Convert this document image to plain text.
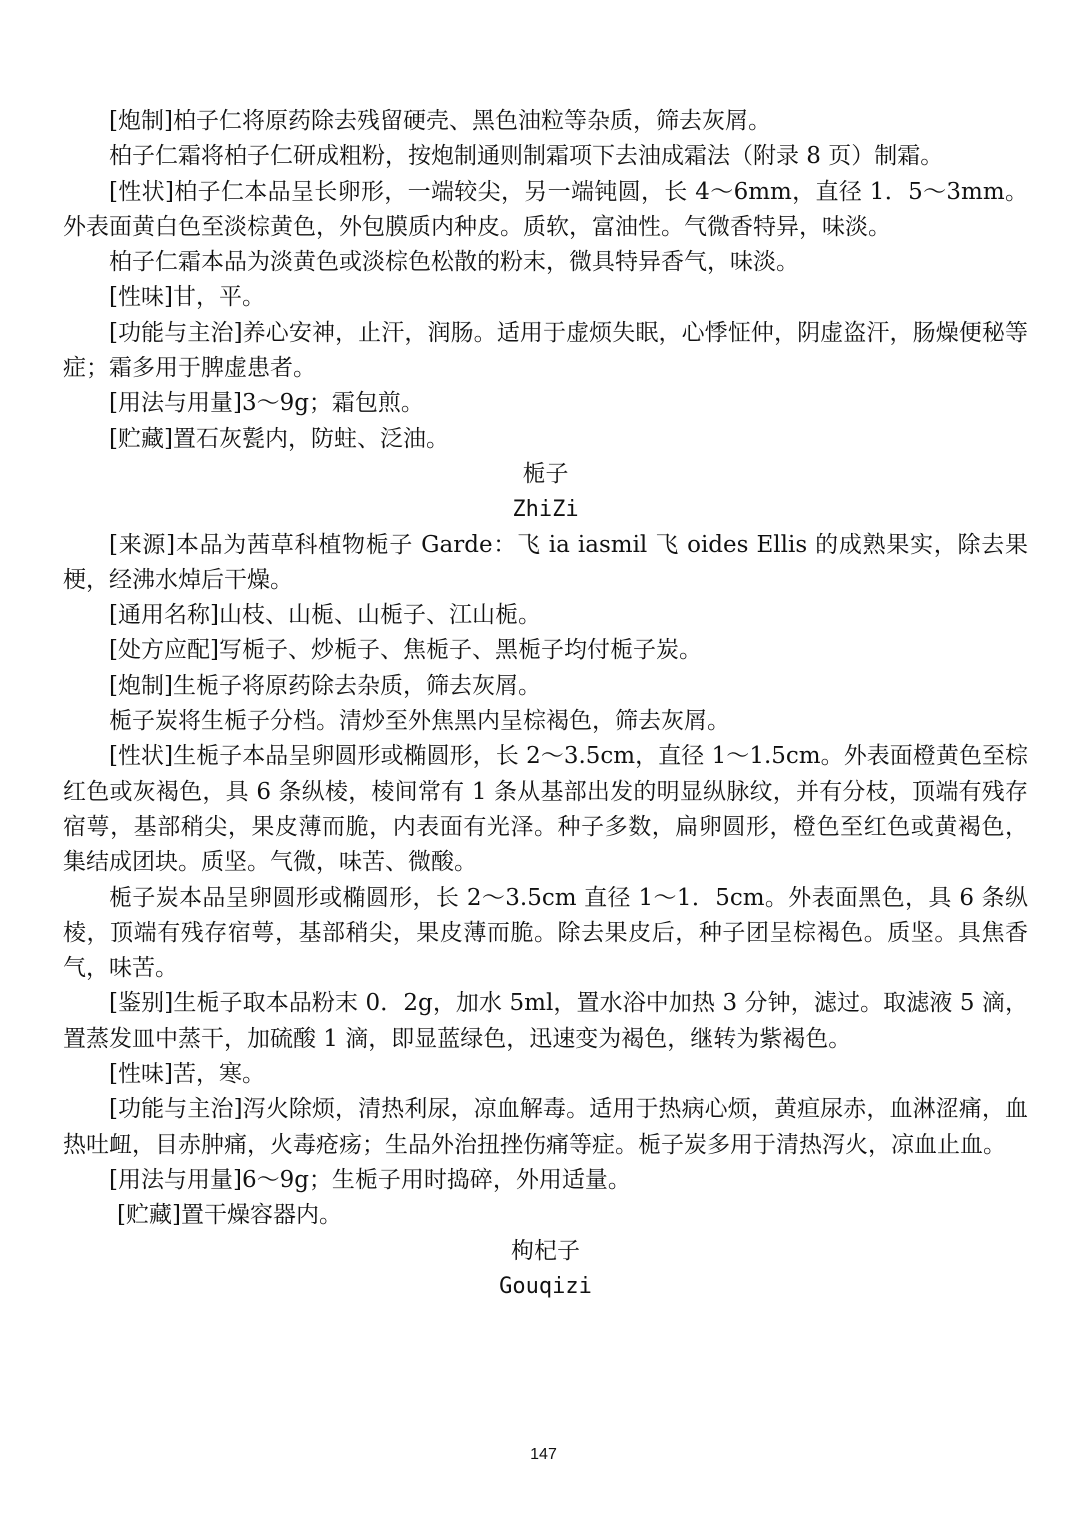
[炮制]柏子仁将原药除去残留硬壳、黑色油粒等杂质，筛去灰屑。

柏子仁霜将柏子仁研成粗粉，按炮制通则制霜项下去油成霜法（附录 8 页）制霜。

[性状]柏子仁本品呈长卵形，一端较尖，另一端钝圆，长 4～6mm，直径 1．5～3mm。外表面黄白色至淡棕黄色，外包膜质内种皮。质软，富油性。气微香特异，味淡。

柏子仁霜本品为淡黄色或淡棕色松散的粉末，微具特异香气，味淡。

[性味]甘，平。

[功能与主治]养心安神，止汗，润肠。适用于虚烦失眠，心悸怔仲，阴虚盗汗，肠燥便秘等症；霜多用于脾虚患者。

[用法与用量]3～9g；霜包煎。

[贮藏]置石灰甏内，防蛀、泛油。

栀子

ZhiZi

[来源]本品为茜草科植物栀子 Garde：飞 ia iasmil 飞 oides Ellis 的成熟果实，除去果梗，经沸水焯后干燥。

[通用名称]山枝、山栀、山栀子、江山栀。

[处方应配]写栀子、炒栀子、焦栀子、黑栀子均付栀子炭。

[炮制]生栀子将原药除去杂质，筛去灰屑。

栀子炭将生栀子分档。清炒至外焦黑内呈棕褐色，筛去灰屑。

[性状]生栀子本品呈卵圆形或椭圆形，长 2～3.5cm，直径 1～1.5cm。外表面橙黄色至棕红色或灰褐色，具 6 条纵棱，棱间常有 1 条从基部出发的明显纵脉纹，并有分枝，顶端有残存宿萼，基部稍尖，果皮薄而脆，内表面有光泽。种子多数，扁卵圆形，橙色至红色或黄褐色，集结成团块。质坚。气微，味苦、微酸。

栀子炭本品呈卵圆形或椭圆形，长 2～3.5cm 直径 1～1．5cm。外表面黑色，具 6 条纵棱，顶端有残存宿萼，基部稍尖，果皮薄而脆。除去果皮后，种子团呈棕褐色。质坚。具焦香气，味苦。

[鉴别]生栀子取本品粉末 0．2g，加水 5ml，置水浴中加热 3 分钟，滤过。取滤液 5 滴，置蒸发皿中蒸干，加硫酸 1 滴，即显蓝绿色，迅速变为褐色，继转为紫褐色。

[性味]苦，寒。

[功能与主治]泻火除烦，清热利尿，凉血解毒。适用于热病心烦，黄疸尿赤，血淋涩痛，血热吐衄，目赤肿痛，火毒疮疡；生品外治扭挫伤痛等症。栀子炭多用于清热泻火，凉血止血。

[用法与用量]6～9g；生栀子用时捣碎，外用适量。

[贮藏]置干燥容器内。

枸杞子

Gouqizi

147
